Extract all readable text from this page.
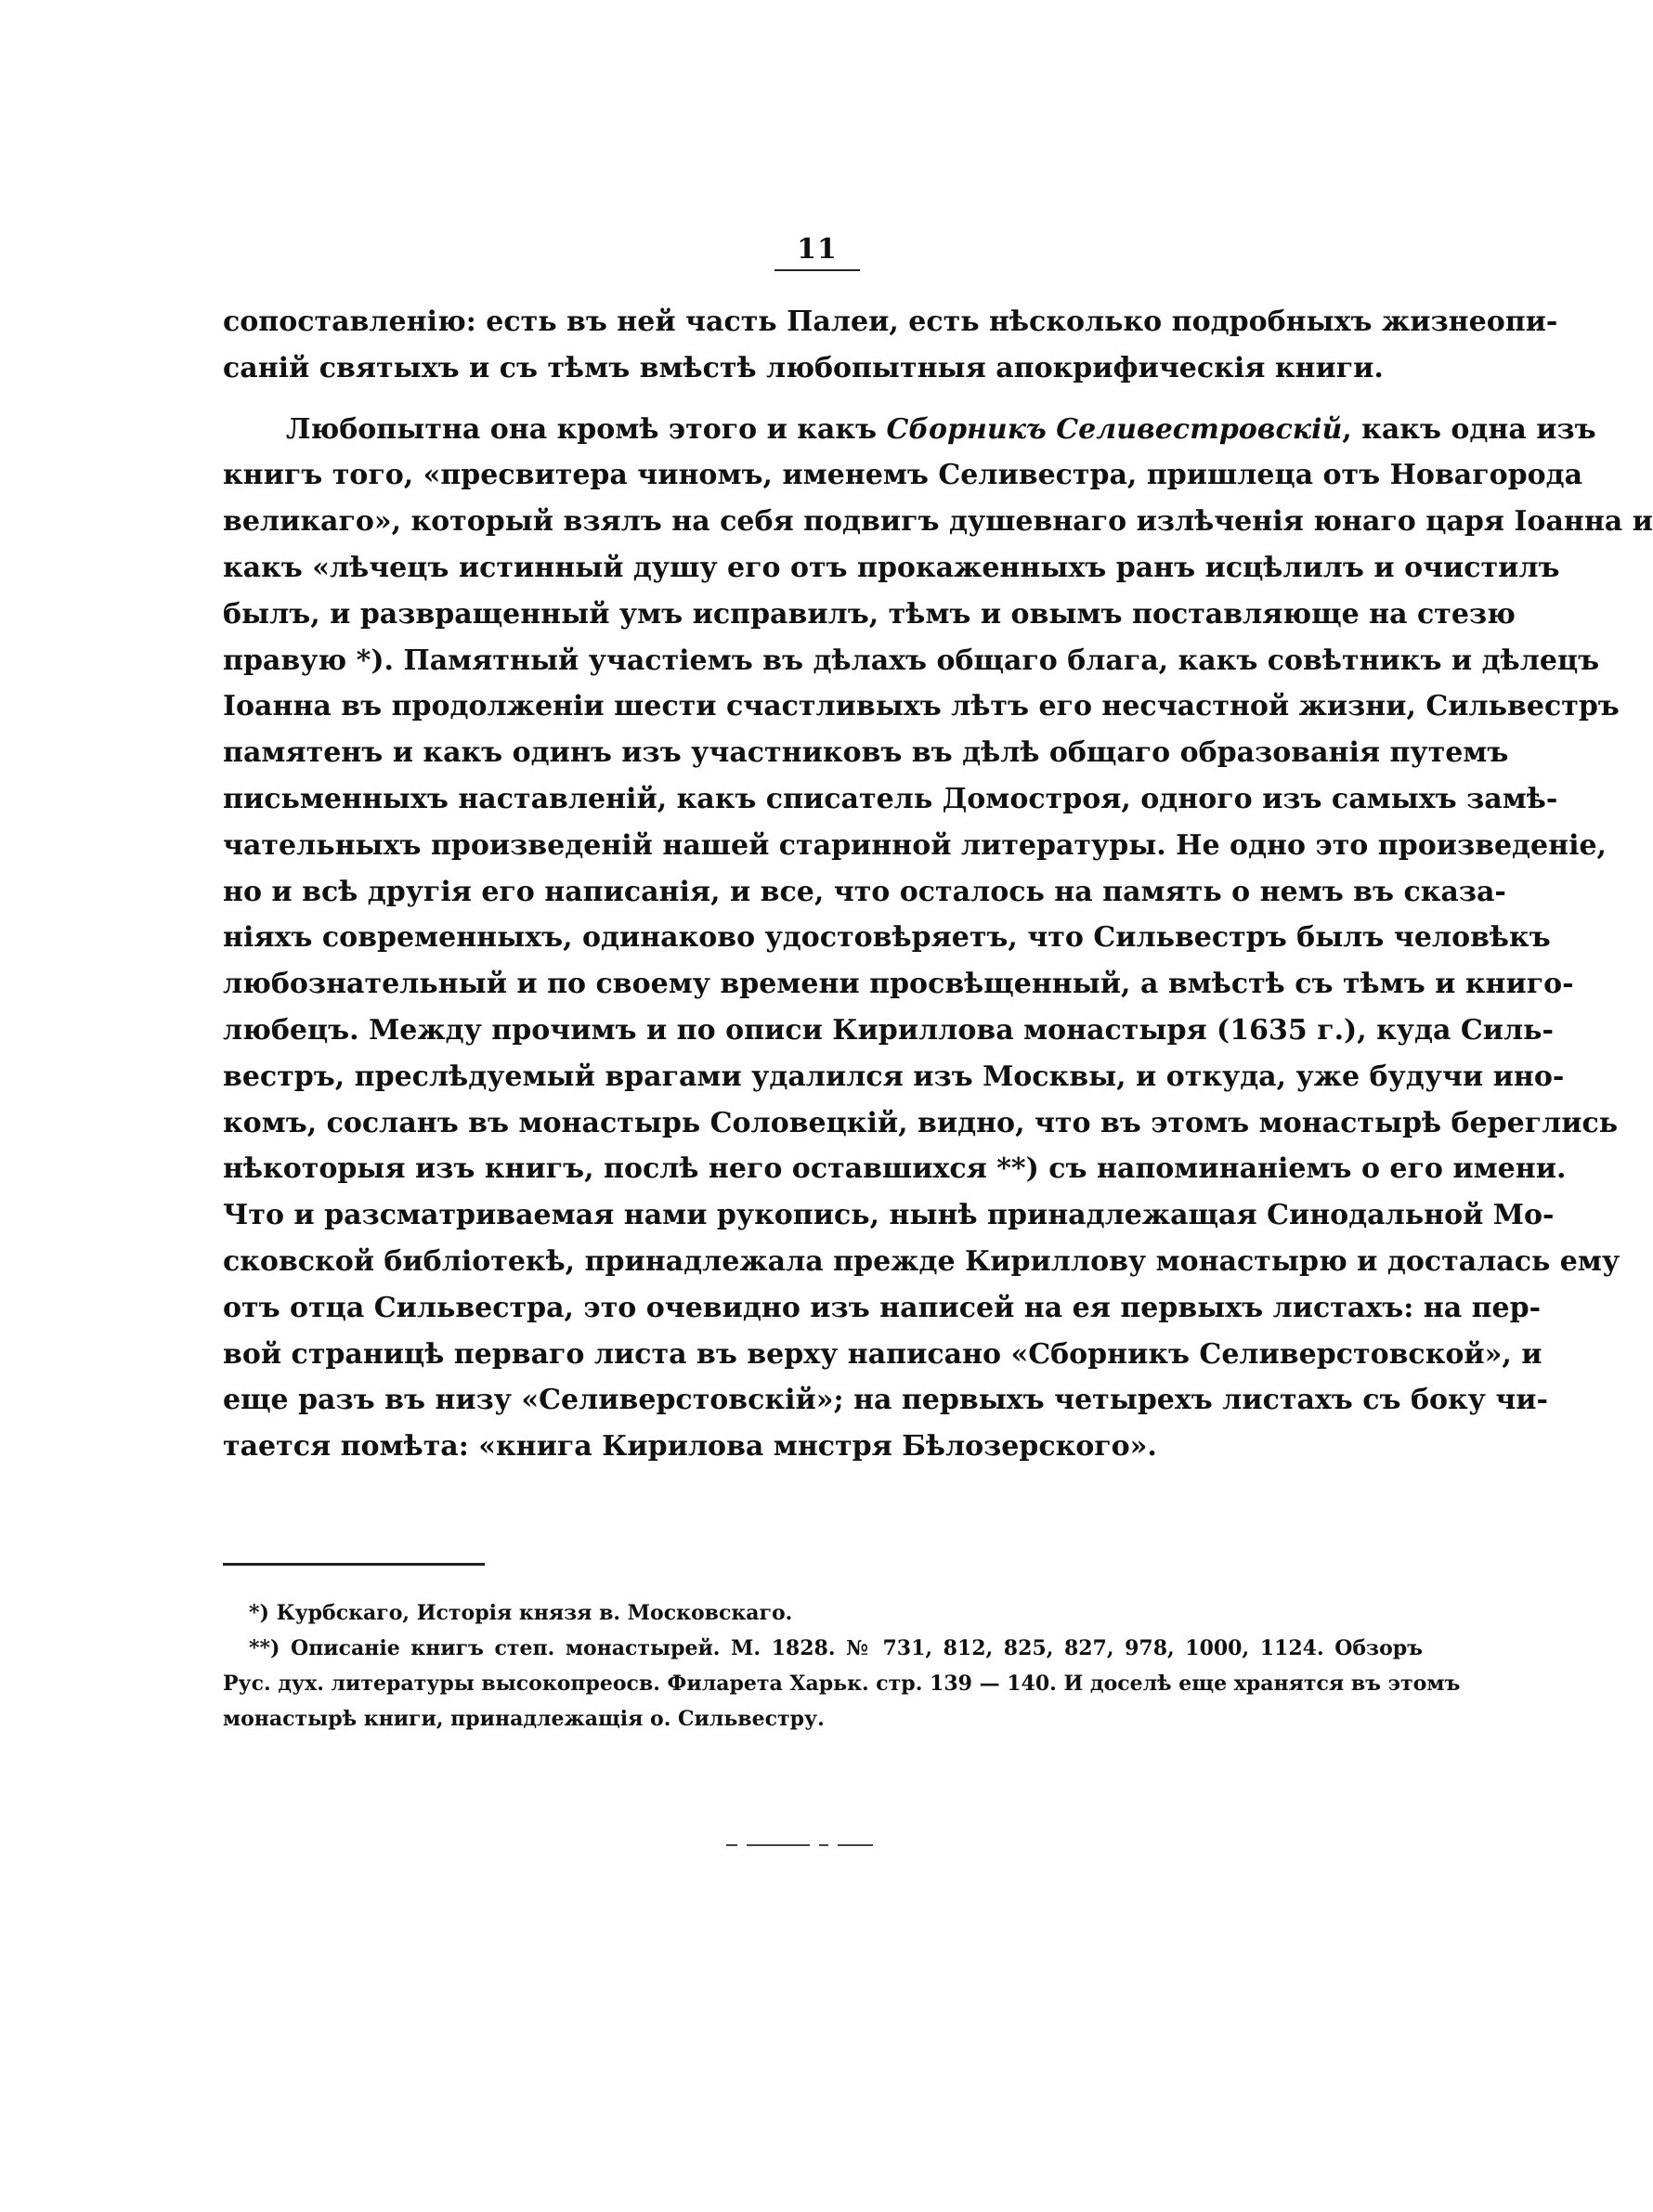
11
сопоставленію: есть въ ней часть Палеи, есть нѣсколько подробныхъ жизнеопи-
саній святыхъ и съ тѣмъ вмѣстѣ любопытныя апокрифическія книги.
Любопытна она кромѣ этого и какъ Сборникъ Селивестровскій, какъ одна изъ
книгъ того, «пресвитера чиномъ, именемъ Селивестра, пришлеца отъ Новагорода
великаго», который взялъ на себя подвигъ душевнаго излѣченія юнаго царя Іоанна и
какъ «лѣчецъ истинный душу его отъ прокаженныхъ ранъ исцѣлилъ и очистилъ
былъ, и развращенный умъ исправилъ, тѣмъ и овымъ поставляюще на стезю
правую *). Памятный участіемъ въ дѣлахъ общаго блага, какъ совѣтникъ и дѣлецъ
Іоанна въ продолженіи шести счастливыхъ лѣтъ его несчастной жизни, Сильвестръ
памятенъ и какъ одинъ изъ участниковъ въ дѣлѣ общаго образованія путемъ
письменныхъ наставленій, какъ списатель Домостроя, одного изъ самыхъ замѣ-
чательныхъ произведеній нашей старинной литературы. Не одно это произведеніе,
но и всѣ другія его написанія, и все, что осталось на память о немъ въ сказа-
ніяхъ современныхъ, одинаково удостовѣряетъ, что Сильвестръ былъ человѣкъ
любознательный и по своему времени просвѣщенный, а вмѣстѣ съ тѣмъ и книго-
любецъ. Между прочимъ и по описи Кириллова монастыря (1635 г.), куда Силь-
вестръ, преслѣдуемый врагами удалился изъ Москвы, и откуда, уже будучи ино-
комъ, сосланъ въ монастырь Соловецкій, видно, что въ этомъ монастырѣ береглись
нѣкоторыя изъ книгъ, послѣ него оставшихся **) съ напоминаніемъ о его имени.
Что и разсматриваемая нами рукопись, нынѣ принадлежащая Синодальной Мо-
сковской библіотекѣ, принадлежала прежде Кириллову монастырю и досталась ему
отъ отца Сильвестра, это очевидно изъ написей на ея первыхъ листахъ: на пер-
вой страницѣ перваго листа въ верху написано «Сборникъ Селиверстовской», и
еще разъ въ низу «Селиверстовскій»; на первыхъ четырехъ листахъ съ боку чи-
тается помѣта: «книга Кирилова мнстря Бѣлозерского».
*) Курбскаго, Исторія князя в. Московскаго.
**) Описаніе книгъ степ. монастырей. М. 1828. № 731, 812, 825, 827, 978, 1000, 1124. Обзоръ
Рус. дух. литературы высокопреосв. Филарета Харьк. стр. 139 — 140. И доселѣ еще хранятся въ этомъ
монастырѣ книги, принадлежащія о. Сильвестру.
